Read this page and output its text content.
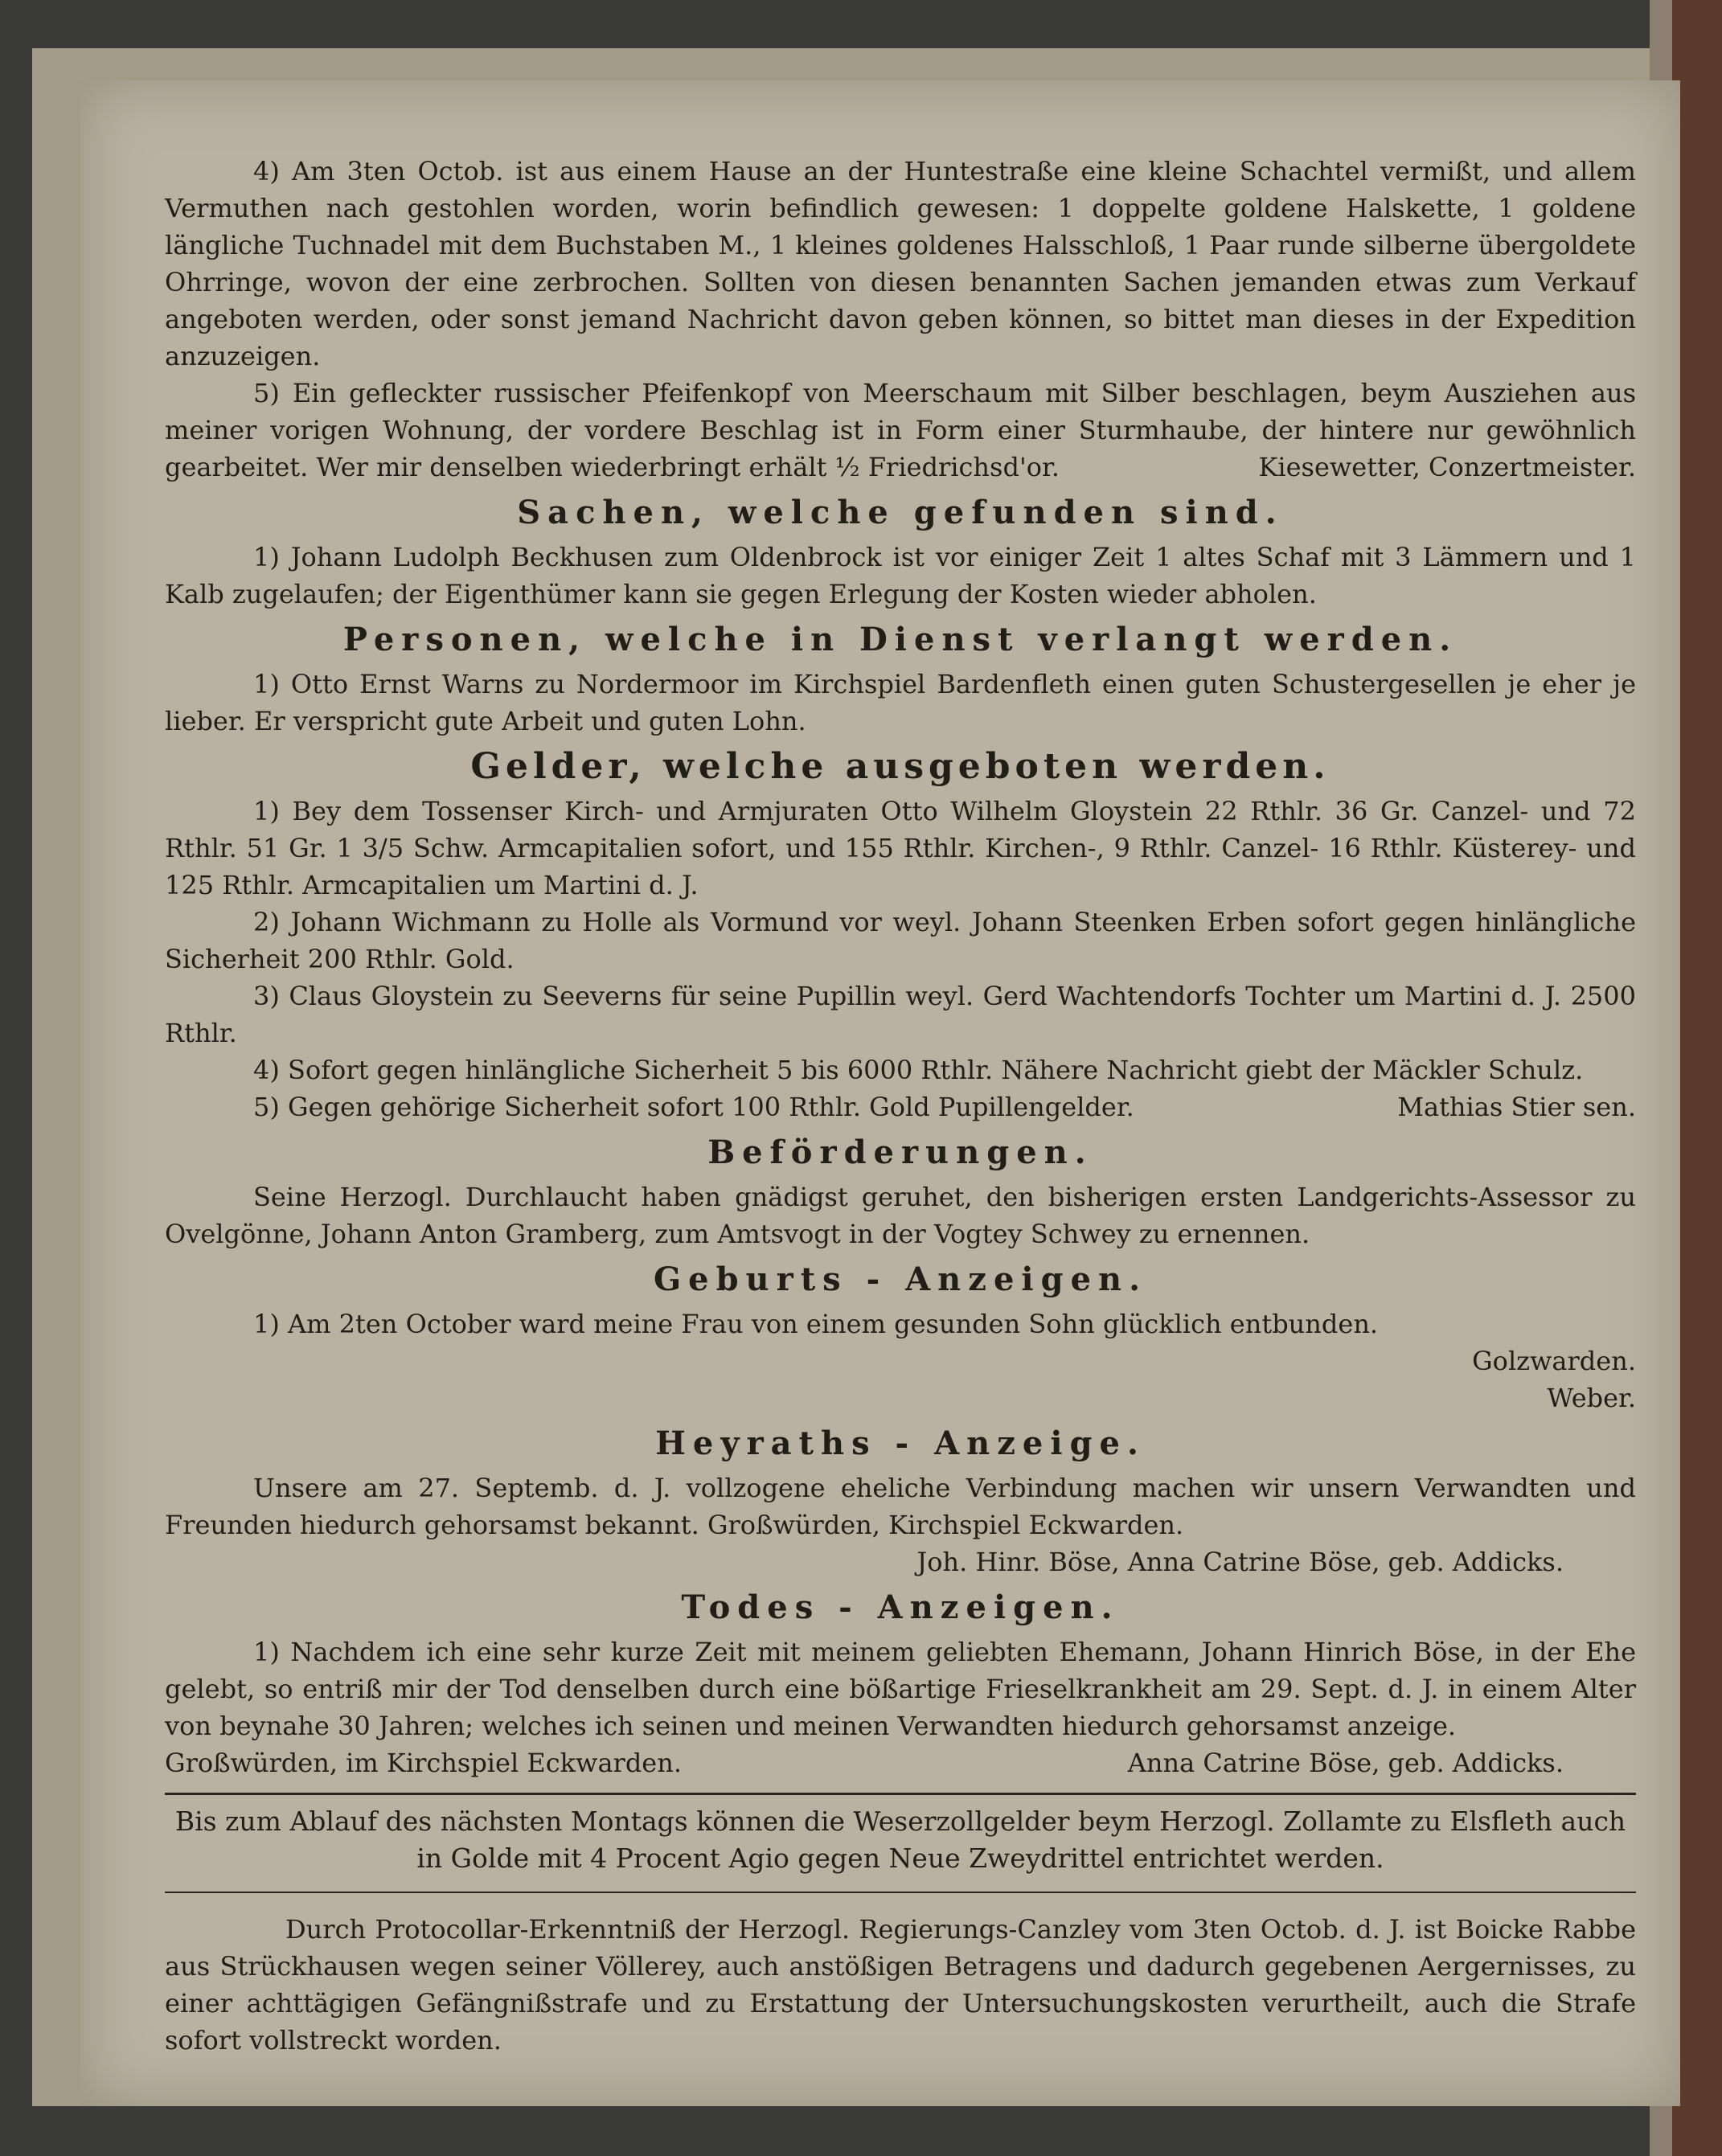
4) Am 3ten Octob. ist aus einem Hause an der Huntestraße eine kleine Schachtel vermißt, und allem Vermuthen nach gestohlen worden, worin befindlich gewesen: 1 doppelte goldene Halskette, 1 goldene längliche Tuchnadel mit dem Buchstaben M., 1 kleines goldenes Halsschloß, 1 Paar runde silberne übergoldete Ohrringe, wovon der eine zerbrochen. Sollten von diesen benannten Sachen jemanden etwas zum Verkauf angeboten werden, oder sonst jemand Nachricht davon geben können, so bittet man dieses in der Expedition anzuzeigen.

5) Ein gefleckter russischer Pfeifenkopf von Meerschaum mit Silber beschlagen, beym Ausziehen aus meiner vorigen Wohnung, der vordere Beschlag ist in Form einer Sturmhaube, der hintere nur gewöhnlich gearbeitet. Wer mir denselben wiederbringt erhält ½ Friedrichsd'or.	Kiesewetter, Conzertmeister.

Sachen, welche gefunden sind.

1) Johann Ludolph Beckhusen zum Oldenbrock ist vor einiger Zeit 1 altes Schaf mit 3 Lämmern und 1 Kalb zugelaufen; der Eigenthümer kann sie gegen Erlegung der Kosten wieder abholen.

Personen, welche in Dienst verlangt werden.

1) Otto Ernst Warns zu Nordermoor im Kirchspiel Bardenfleth einen guten Schustergesellen je eher je lieber. Er verspricht gute Arbeit und guten Lohn.

Gelder, welche ausgeboten werden.

1) Bey dem Tossenser Kirch- und Armjuraten Otto Wilhelm Gloystein 22 Rthlr. 36 Gr. Canzel- und 72 Rthlr. 51 Gr. 1 3/5 Schw. Armcapitalien sofort, und 155 Rthlr. Kirchen-, 9 Rthlr. Canzel- 16 Rthlr. Küsterey- und 125 Rthlr. Armcapitalien um Martini d. J.

2) Johann Wichmann zu Holle als Vormund vor weyl. Johann Steenken Erben sofort gegen hinlängliche Sicherheit 200 Rthlr. Gold.

3) Claus Gloystein zu Seeverns für seine Pupillin weyl. Gerd Wachtendorfs Tochter um Martini d. J. 2500 Rthlr.

4) Sofort gegen hinlängliche Sicherheit 5 bis 6000 Rthlr. Nähere Nachricht giebt der Mäckler Schulz.

5) Gegen gehörige Sicherheit sofort 100 Rthlr. Gold Pupillengelder.	Mathias Stier sen.

Beförderungen.

Seine Herzogl. Durchlaucht haben gnädigst geruhet, den bisherigen ersten Landgerichts-Assessor zu Ovelgönne, Johann Anton Gramberg, zum Amtsvogt in der Vogtey Schwey zu ernennen.

Geburts - Anzeigen.

1) Am 2ten October ward meine Frau von einem gesunden Sohn glücklich entbunden.
Golzwarden.

Weber.
Heyraths - Anzeige.

Unsere am 27. Septemb. d. J. vollzogene eheliche Verbindung machen wir unsern Verwandten und Freunden hiedurch gehorsamst bekannt. Großwürden, Kirchspiel Eckwarden.

Joh. Hinr. Böse, Anna Catrine Böse, geb. Addicks.
Todes - Anzeigen.

1) Nachdem ich eine sehr kurze Zeit mit meinem geliebten Ehemann, Johann Hinrich Böse, in der Ehe gelebt, so entriß mir der Tod denselben durch eine bößartige Frieselkrankheit am 29. Sept. d. J. in einem Alter von beynahe 30 Jahren; welches ich seinen und meinen Verwandten hiedurch gehorsamst anzeige.

Großwürden, im Kirchspiel Eckwarden.	Anna Catrine Böse, geb. Addicks.
Bis zum Ablauf des nächsten Montags können die Weserzollgelder beym Herzogl. Zollamte zu Elsfleth auch
in Golde mit 4 Procent Agio gegen Neue Zweydrittel entrichtet werden.

Durch Protocollar-Erkenntniß der Herzogl. Regierungs-Canzley vom 3ten Octob. d. J. ist Boicke Rabbe aus Strückhausen wegen seiner Völlerey, auch anstößigen Betragens und dadurch gegebenen Aergernisses, zu einer achttägigen Gefängnißstrafe und zu Erstattung der Untersuchungskosten verurtheilt, auch die Strafe sofort vollstreckt worden.
